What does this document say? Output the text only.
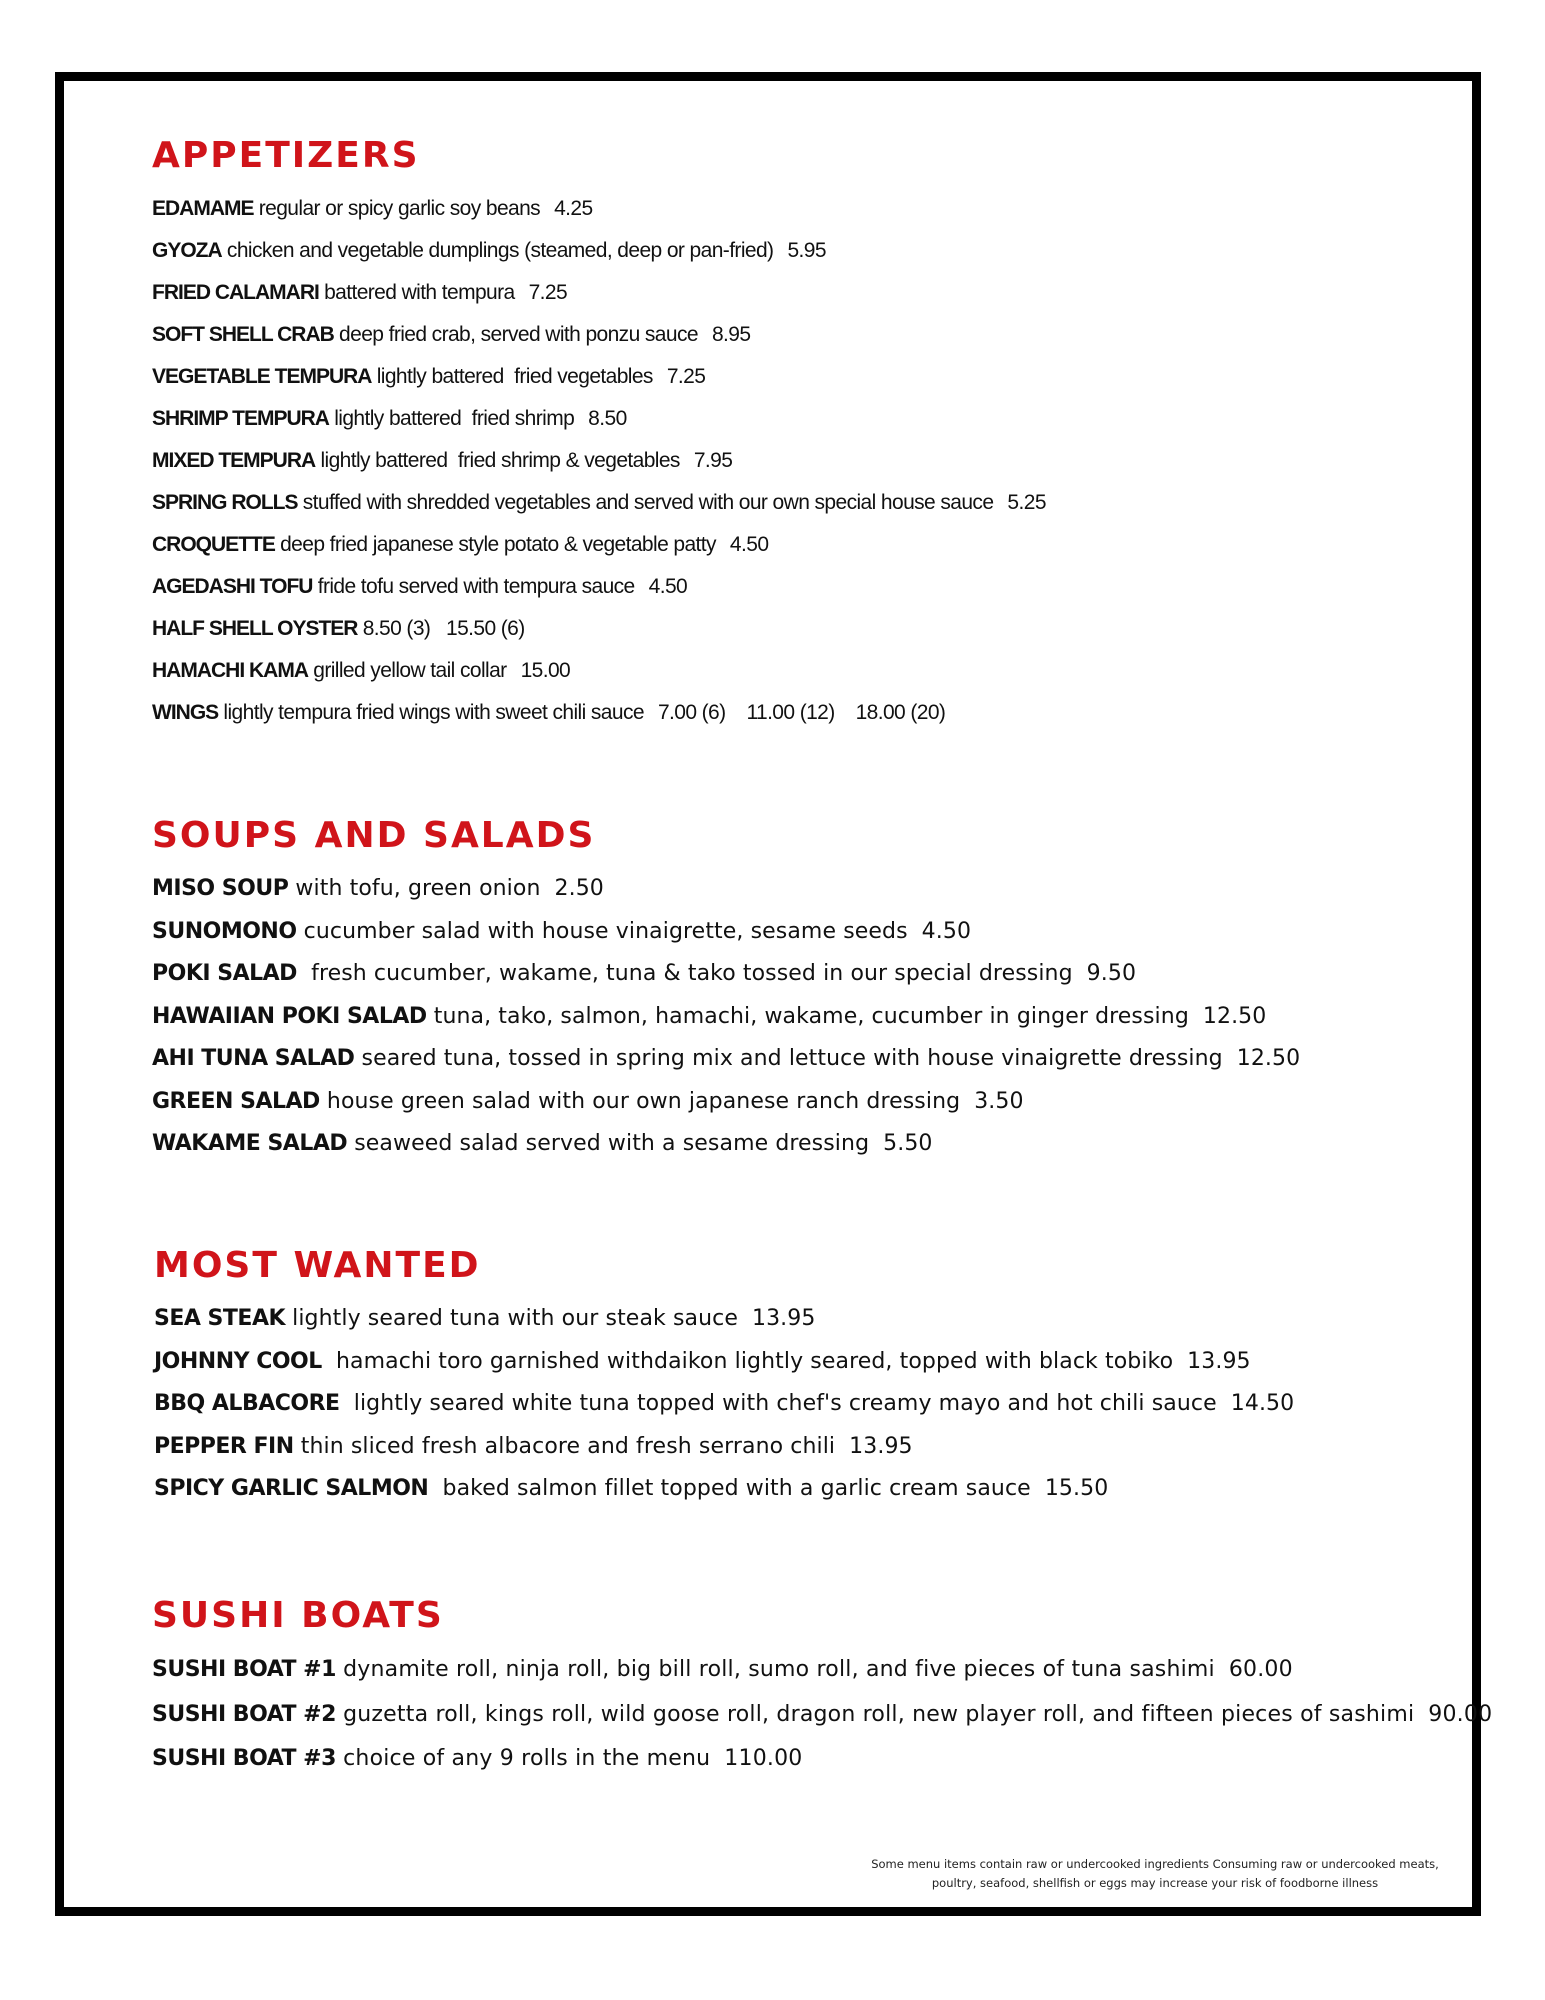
APPETIZERS

EDAMAME regular or spicy garlic soy beans 4.25

GYOZA chicken and vegetable dumplings (steamed, deep or pan-fried) 5.95

FRIED CALAMARI battered with tempura 7.25

SOFT SHELL CRAB deep fried crab, served with ponzu sauce 8.95

VEGETABLE TEMPURA lightly battered  fried vegetables 7.25

SHRIMP TEMPURA lightly battered  fried shrimp 8.50

MIXED TEMPURA lightly battered  fried shrimp & vegetables 7.95

SPRING ROLLS stuffed with shredded vegetables and served with our own special house sauce 5.25

CROQUETTE deep fried japanese style potato & vegetable patty 4.50

AGEDASHI TOFU fride tofu served with tempura sauce 4.50

HALF SHELL OYSTER 8.50 (3)   15.50 (6)

HAMACHI KAMA grilled yellow tail collar 15.00

WINGS lightly tempura fried wings with sweet chili sauce 7.00 (6)    11.00 (12)    18.00 (20)

SOUPS AND SALADS

MISO SOUP with tofu, green onion 2.50

SUNOMONO cucumber salad with house vinaigrette, sesame seeds 4.50

POKI SALAD  fresh cucumber, wakame, tuna & tako tossed in our special dressing 9.50

HAWAIIAN POKI SALAD tuna, tako, salmon, hamachi, wakame, cucumber in ginger dressing 12.50

AHI TUNA SALAD seared tuna, tossed in spring mix and lettuce with house vinaigrette dressing 12.50

GREEN SALAD house green salad with our own japanese ranch dressing 3.50

WAKAME SALAD seaweed salad served with a sesame dressing 5.50

MOST WANTED

SEA STEAK lightly seared tuna with our steak sauce 13.95

JOHNNY COOL  hamachi toro garnished withdaikon lightly seared, topped with black tobiko 13.95

BBQ ALBACORE  lightly seared white tuna topped with chef's creamy mayo and hot chili sauce 14.50

PEPPER FIN thin sliced fresh albacore and fresh serrano chili 13.95

SPICY GARLIC SALMON  baked salmon fillet topped with a garlic cream sauce 15.50

SUSHI BOATS

SUSHI BOAT #1 dynamite roll, ninja roll, big bill roll, sumo roll, and five pieces of tuna sashimi 60.00

SUSHI BOAT #2 guzetta roll, kings roll, wild goose roll, dragon roll, new player roll, and fifteen pieces of sashimi 90.00

SUSHI BOAT #3 choice of any 9 rolls in the menu 110.00

Some menu items contain raw or undercooked ingredients Consuming raw or undercooked meats,
poultry, seafood, shellfish or eggs may increase your risk of foodborne illness
